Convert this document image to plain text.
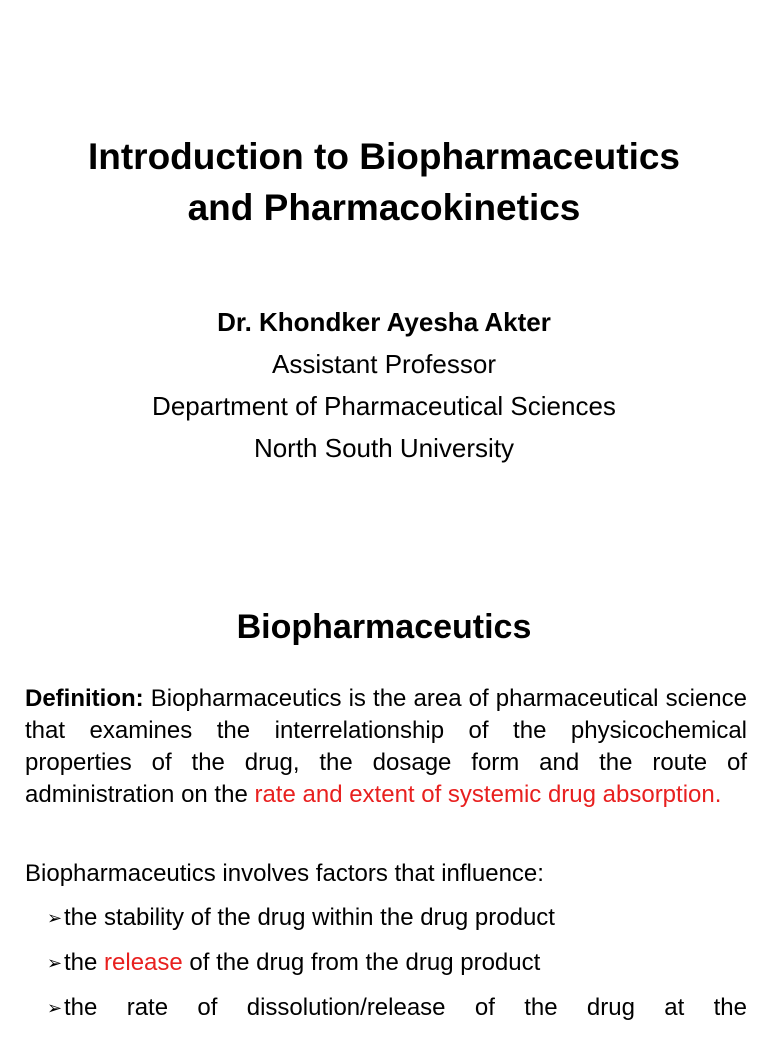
Introduction to Biopharmaceutics
and Pharmacokinetics
Dr. Khondker Ayesha Akter
Assistant Professor
Department of Pharmaceutical Sciences
North South University
Biopharmaceutics
Definition: Biopharmaceutics is the area of pharmaceutical science that examines the interrelationship of the physicochemical properties of the drug, the dosage form and the route of administration on the rate and extent of systemic drug absorption.
Biopharmaceutics involves factors that influence:
➢the stability of the drug within the drug product
➢the release of the drug from the drug product
➢the rate of dissolution/release of the drug at the
